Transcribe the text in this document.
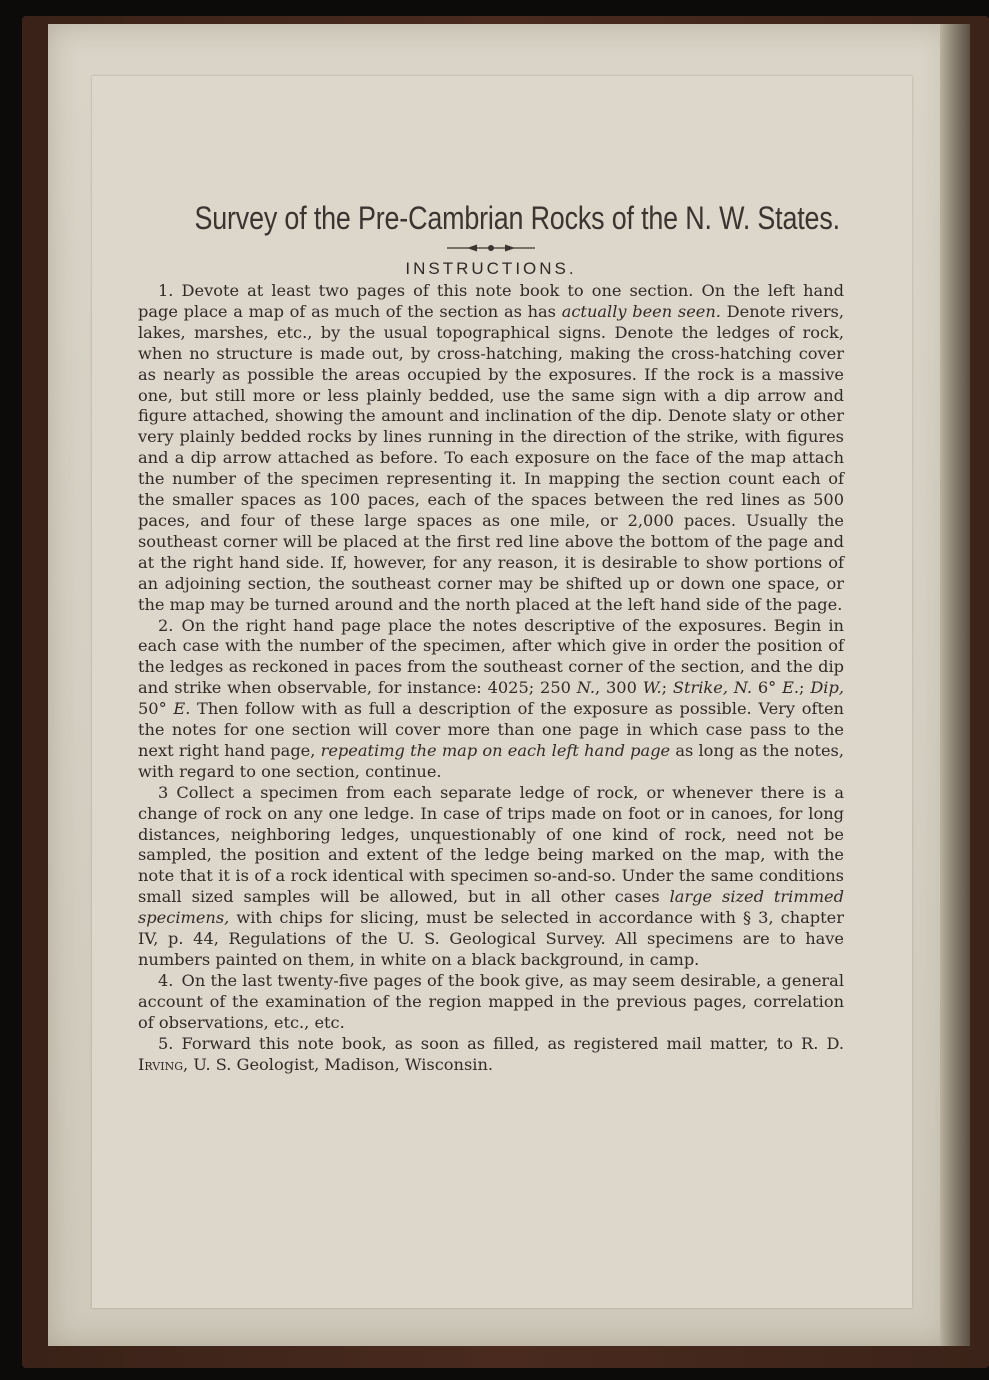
Survey of the Pre-Cambrian Rocks of the N. W. States.
INSTRUCTIONS.

1. Devote at least two pages of this note book to one section. On the left hand page place a map of as much of the section as has actually been seen. Denote rivers, lakes, marshes, etc., by the usual topographical signs. Denote the ledges of rock, when no structure is made out, by cross-hatching, making the cross-hatching cover as nearly as possible the areas occupied by the exposures. If the rock is a massive one, but still more or less plainly bedded, use the same sign with a dip arrow and figure attached, showing the amount and inclination of the dip. Denote slaty or other very plainly bedded rocks by lines running in the direction of the strike, with figures and a dip arrow attached as before. To each exposure on the face of the map attach the number of the specimen representing it. In mapping the section count each of the smaller spaces as 100 paces, each of the spaces between the red lines as 500 paces, and four of these large spaces as one mile, or 2,000 paces. Usually the southeast corner will be placed at the first red line above the bottom of the page and at the right hand side. If, however, for any reason, it is desirable to show portions of an adjoining section, the southeast corner may be shifted up or down one space, or the map may be turned around and the north placed at the left hand side of the page.

2. On the right hand page place the notes descriptive of the exposures. Begin in each case with the number of the specimen, after which give in order the position of the ledges as reckoned in paces from the southeast corner of the section, and the dip and strike when observable, for instance: 4025; 250 N., 300 W.; Strike, N. 6° E.; Dip, 50° E. Then follow with as full a description of the exposure as possible. Very often the notes for one section will cover more than one page in which case pass to the next right hand page, repeatimg the map on each left hand page as long as the notes, with regard to one section, continue.

3 Collect a specimen from each separate ledge of rock, or whenever there is a change of rock on any one ledge. In case of trips made on foot or in canoes, for long distances, neighboring ledges, unquestionably of one kind of rock, need not be sampled, the position and extent of the ledge being marked on the map, with the note that it is of a rock identical with specimen so-and-so. Under the same conditions small sized samples will be allowed, but in all other cases large sized trimmed specimens, with chips for slicing, must be selected in accordance with § 3, chapter IV, p. 44, Regulations of the U. S. Geological Survey. All specimens are to have numbers painted on them, in white on a black background, in camp.

4. On the last twenty-five pages of the book give, as may seem desirable, a general account of the examination of the region mapped in the previous pages, correlation of observations, etc., etc.

5. Forward this note book, as soon as filled, as registered mail matter, to R. D. Irving, U. S. Geologist, Madison, Wisconsin.
